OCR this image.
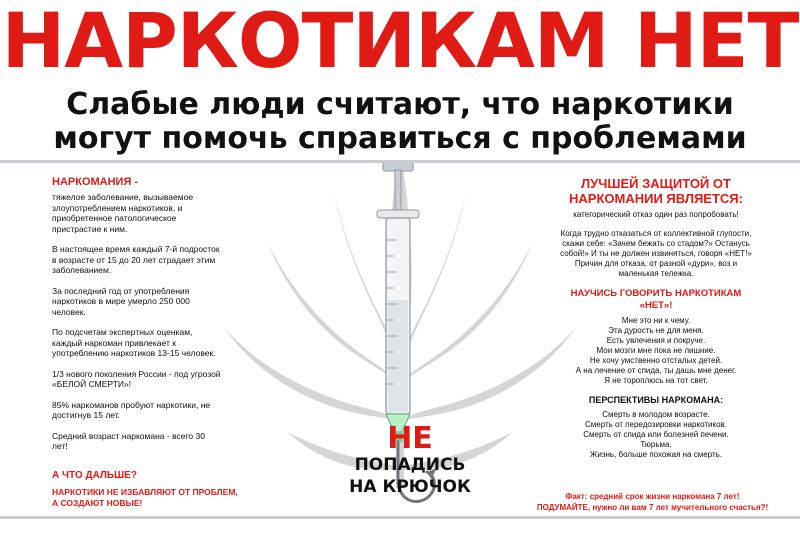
НАРКОТИКАМ НЕТ
Слабые люди считают, что наркотики
могут помочь справиться с проблемами

НАРКОМАНИЯ -

тяжелое заболевание, вызываемое злоупотреблением наркотиков, и приобретенное патологическое пристрастие к ним.

В настоящее время каждый 7-й подросток в возрасте от 15 до 20 лет страдает этим заболеванием.

За последний год от употребления наркотиков в мире умерло 250 000 человек.

По подсчетам экспертных оценкам, каждый наркоман привлекает к употреблению наркотиков 13-15 человек.

1/3 нового поколения России - под угрозой «БЕЛОЙ СМЕРТИ»!

85% наркоманов пробуют наркотики, не достигнув 15 лет.

Средний возраст наркомана - всего 30 лет!

А ЧТО ДАЛЬШЕ?

НАРКОТИКИ НЕ ИЗБАВЛЯЮТ ОТ ПРОБЛЕМ, А СОЗДАЮТ НОВЫЕ!

ЛУЧШЕЙ ЗАЩИТОЙ ОТ НАРКОМАНИИ ЯВЛЯЕТСЯ:

категорический отказ один раз попробовать!

Когда трудно отказаться от коллективной глупости, скажи себе: «Зачем бежать со стадом?» Останусь собой!» И ты не должен извиняться, говоря «НЕТ!» Причин для отказа, от разной «дури», воз и маленькая тележка.

НАУЧИСЬ ГОВОРИТЬ НАРКОТИКАМ «НЕТ»!

Мне это ни к чему.

Эта дурость не для меня.

Есть увлечения и покруче.

Мои мозги мне пока не лишние.

Не хочу умственно отсталых детей.

А на лечение от спида, ты дашь мне денег.

Я не тороплюсь на тот свет.

ПЕРСПЕКТИВЫ НАРКОМАНА:

Смерть в молодом возрасте.

Смерть от передозировки наркотиков.

Смерть от спида или болезней печени.

Тюрьма.

Жизнь, больше похожая на смерть.

Факт: средний срок жизни наркомана 7 лет!
ПОДУМАЙТЕ, нужно ли вам 7 лет мучительного счастья?!
НЕ
ПОПАДИСЬ
НА КРЮЧОК
